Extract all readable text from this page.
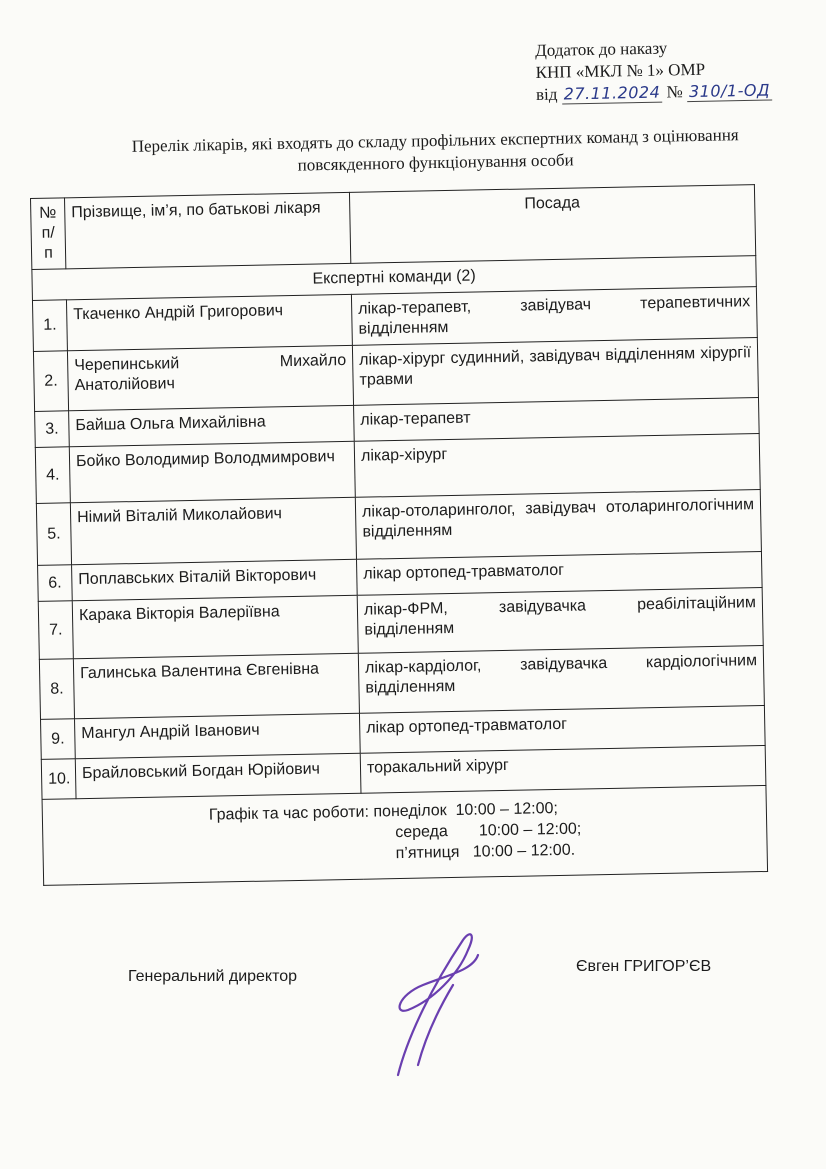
Додаток до наказу
КНП «МКЛ № 1» ОМР
від 27.11.2024 № 310/1-ОД
Перелік лікарів, які входять до складу профільних експертних команд з оцінювання
повсякденного функціонування особи
№ п/п	Прізвище, ім’я, по батькові лікаря	Посада
Експертні команди (2)		
1.	Ткаченко Андрій Григорович	лікар-терапевт, завідувач терапевтичних відділенням
2.	Черепинський Михайло Анатолійович	лікар-хірург судинний, завідувач відділенням хірургії травми
3.	Байша Ольга Михайлівна	лікар-терапевт
4.	Бойко Володимир Володмимрович	лікар-хірург
5.	Німий Віталій Миколайович	лікар-отоларинголог, завідувач отоларингологічним відділенням
6.	Поплавських Віталій Вікторович	лікар ортопед-травматолог
7.	Карака Вікторія Валеріївна	лікар-ФРМ, завідувачка реабілітаційним відділенням
8.	Галинська Валентина Євгенівна	лікар-кардіолог, завідувачка кардіологічним відділенням
9.	Мангул Андрій Іванович	лікар ортопед-травматолог
10.	Брайловський Богдан Юрійович	торакальний хірург

Графік та час роботи: понеділок  10:00 – 12:00;
середа       10:00 – 12:00;
п’ятниця   10:00 – 12:00.		
Генеральний директор
Євген ГРИГОР’ЄВ
